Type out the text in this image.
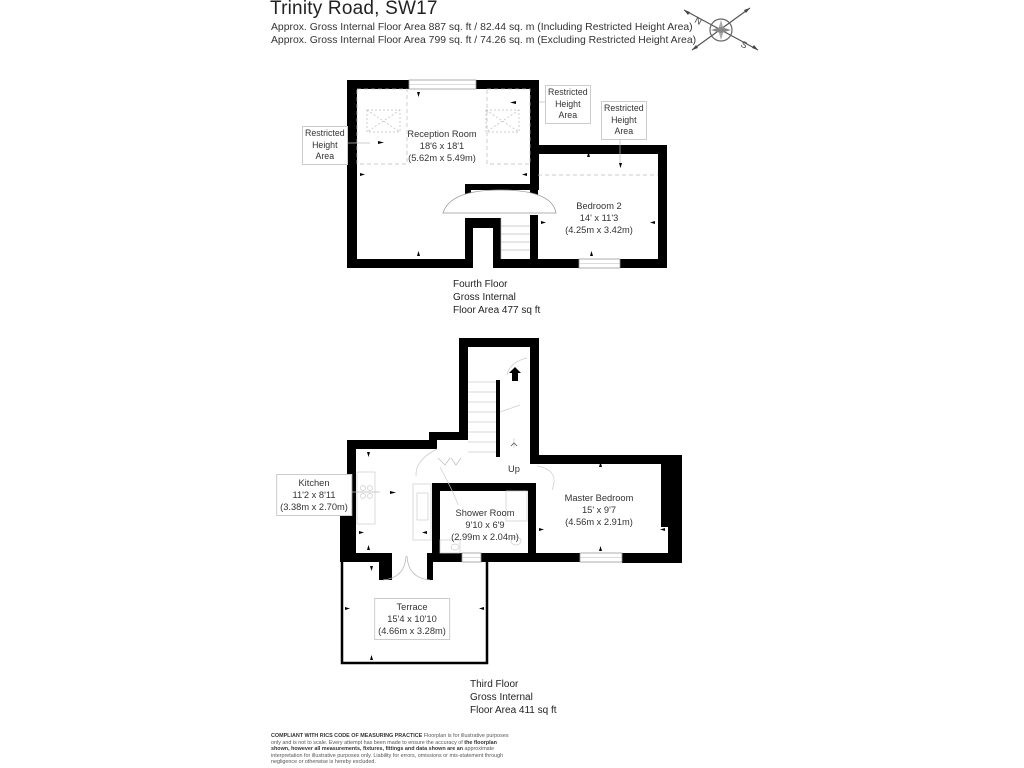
Trinity Road, SW17
Approx. Gross Internal Floor Area 887 sq. ft / 82.44 sq. m (Including Restricted Height Area)
Approx. Gross Internal Floor Area 799 sq. ft / 74.26 sq. m (Excluding Restricted Height Area)
N
S
Restricted
Height
Area
Restricted
Height
Area
Restricted
Height
Area
Reception Room
18'6 x 18'1
(5.62m x 5.49m)
Bedroom 2
14' x 11'3
(4.25m x 3.42m)
Fourth Floor
Gross Internal
Floor Area 477 sq ft
Kitchen
11'2 x 8'11
(3.38m x 2.70m)
Shower Room
9'10 x 6'9
(2.99m x 2.04m)
Master Bedroom
15' x 9'7
(4.56m x 2.91m)
Terrace
15'4 x 10'10
(4.66m x 3.28m)
Up
Third Floor
Gross Internal
Floor Area 411 sq ft
COMPLIANT WITH RICS CODE OF MEASURING PRACTICE Floorplan is for illustrative purposes only and is not to scale. Every attempt has been made to ensure the accuracy of the floorplan shown, however all measurements, fixtures, fittings and data shown are an approximate interpretation for illustrative purposes only. Liability for errors, omissions or mis-statement through negligence or otherwise is hereby excluded.
